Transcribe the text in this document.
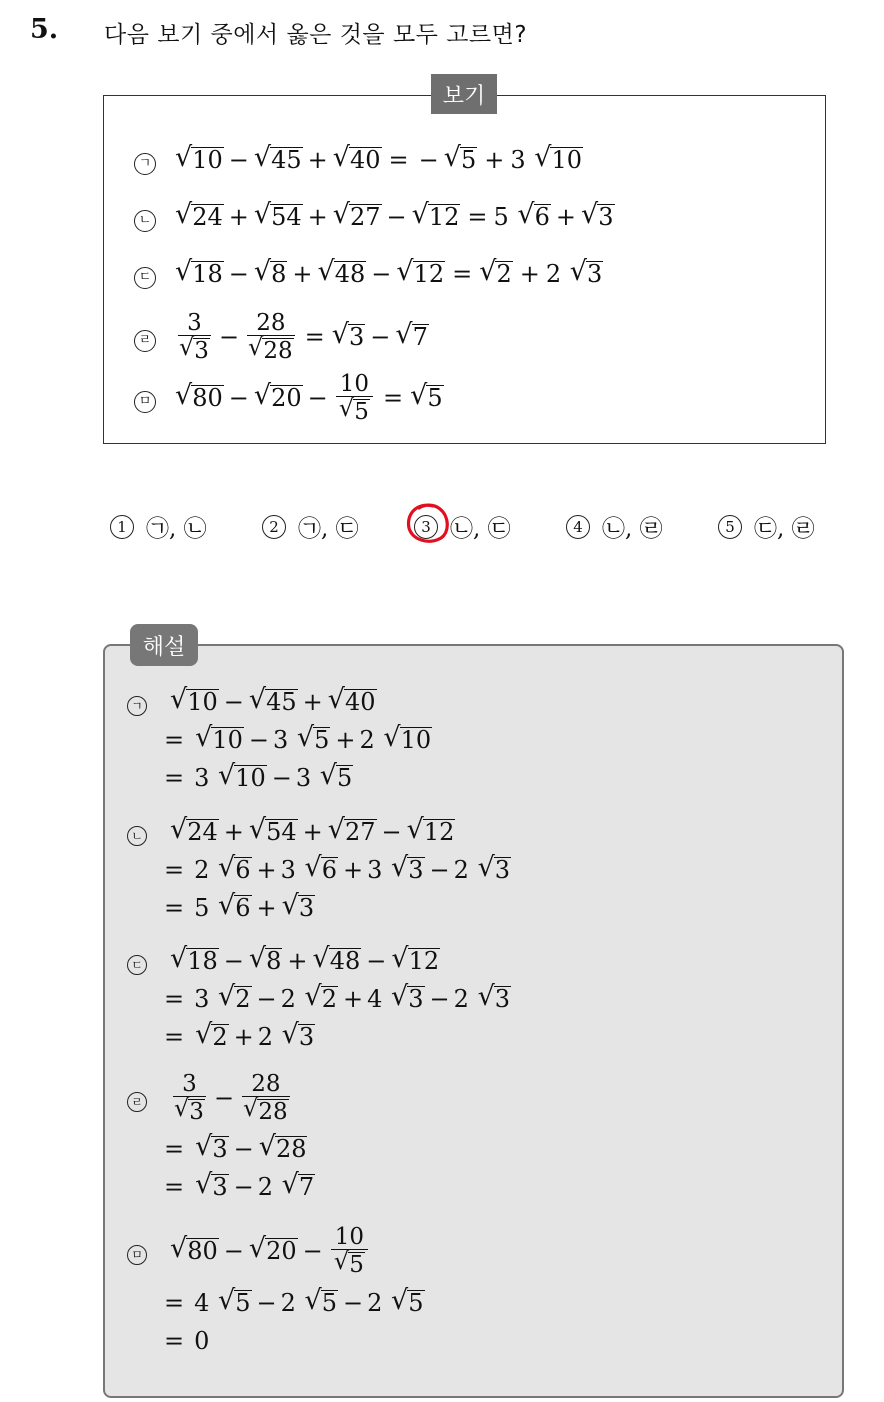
5. 다음 보기 중에서 옳은 것을 모두 고르면?
ㄱ √ 10 − √ 45 + √ 40 = − √ 5 + 3 √ 10
ㄴ √ 24 + √ 54 + √ 27 − √ 12 = 5 √ 6 + √ 3
ㄷ √ 18 − √ 8 + √ 48 − √ 12 = √ 2 + 2 √ 3
ㄹ	$\frac{3}{√ 3} - \frac{28}{√ 28}$ = √ 3 − √ 7
ㅁ √ 80 − √ $20 - \frac{10}{√ 5}$ = √ 5
보기
1 ㉠, ㉡	2 ㉠, ㉢	3 ㉡, ㉢	4 ㉡, ㉣	5 ㉢, ㉣
ㄱ	√ 10 − √ 45 + √ 40
= √ 10 − 3 √ 5 + 2 √ 10
= 3 √ 10 − 3 √ 5
ㄴ	√ 24 + √ 54 + √ 27 − √ 12
= 2 √ 6 + 3 √ 6 + 3 √ 3 − 2 √ 3
= 5 √ 6 + √ 3
ㄷ	√ 18 − √ 8 + √ 48 − √ 12
= 3 √ 2 − 2 √ 2 + 4 √ 3 − 2 √ 3
= √ 2 + 2 √ 3
ㄹ	$\frac{3}{√ 3} - \frac{28}{√ 28}$
= √ 3 − √ 28
= √ 3 − 2 √ 7
ㅁ	√ 80 − √ $20 - \frac{10}{√ 5}$
= 4 √ 5 − 2 √ 5 − 2 √ 5
= 0
해설
